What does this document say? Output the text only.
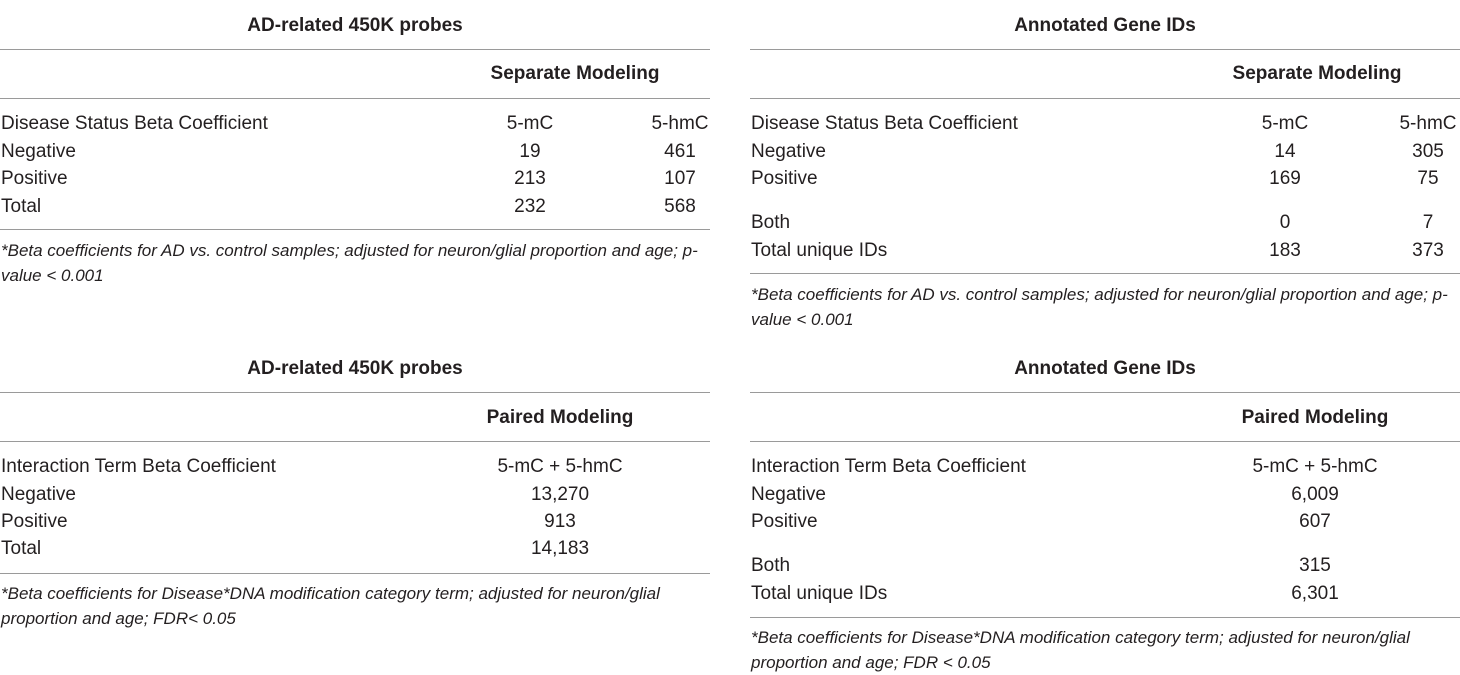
AD-related 450K probes
Separate Modeling
Disease Status Beta Coefficient	5-mC	5-hmC
Negative	19	461
Positive	213	107
Total	232	568
*Beta coefficients for AD vs. control samples; adjusted for neuron/glial proportion and age; p-value < 0.001
Annotated Gene IDs
Separate Modeling
Disease Status Beta Coefficient	5-mC	5-hmC
Negative	14	305
Positive	169	75
Both	0	7
Total unique IDs	183	373
*Beta coefficients for AD vs. control samples; adjusted for neuron/glial proportion and age; p-value < 0.001
AD-related 450K probes
Paired Modeling
Interaction Term Beta Coefficient	5-mC + 5-hmC
Negative	13,270
Positive	913
Total	14,183
*Beta coefficients for Disease*DNA modification category term; adjusted for neuron/glial proportion and age; FDR< 0.05
Annotated Gene IDs
Paired Modeling
Interaction Term Beta Coefficient	5-mC + 5-hmC
Negative	6,009
Positive	607
Both	315
Total unique IDs	6,301
*Beta coefficients for Disease*DNA modification category term; adjusted for neuron/glial proportion and age; FDR < 0.05
